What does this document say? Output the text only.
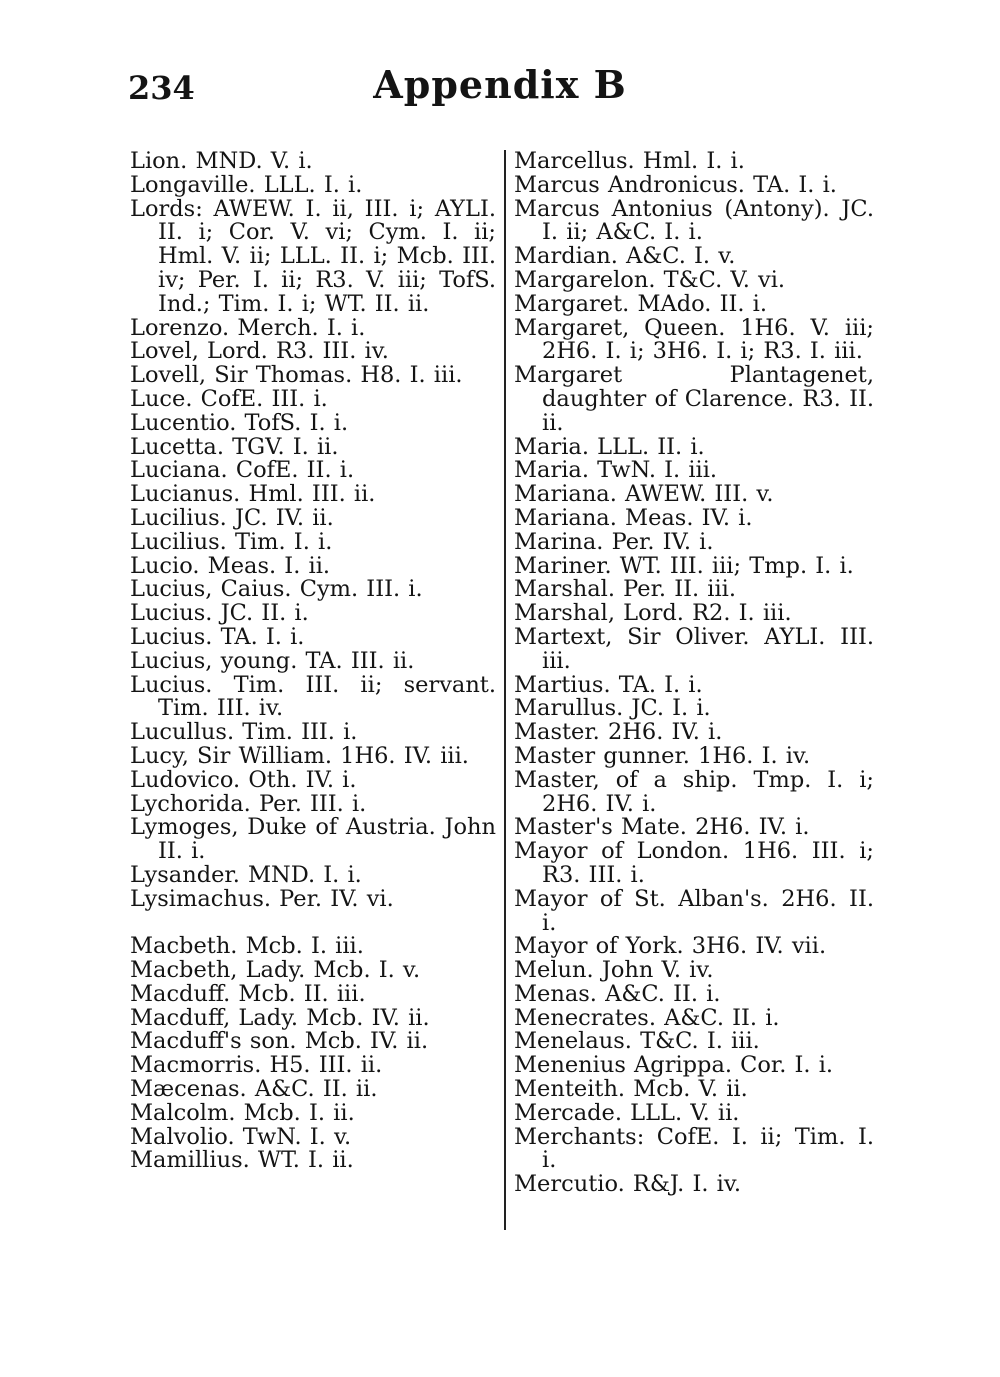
234	Appendix B
Lion. MND. V. i.
Longaville. LLL. I. i.
Lords: AWEW. I. ii, III. i; AYLI. II. i; Cor. V. vi; Cym. I. ii; Hml. V. ii; LLL. II. i; Mcb. III. iv; Per. I. ii; R3. V. iii; TofS. Ind.; Tim. I. i; WT. II. ii.
Lorenzo. Merch. I. i.
Lovel, Lord. R3. III. iv.
Lovell, Sir Thomas. H8. I. iii.
Luce. CofE. III. i.
Lucentio. TofS. I. i.
Lucetta. TGV. I. ii.
Luciana. CofE. II. i.
Lucianus. Hml. III. ii.
Lucilius. JC. IV. ii.
Lucilius. Tim. I. i.
Lucio. Meas. I. ii.
Lucius, Caius. Cym. III. i.
Lucius. JC. II. i.
Lucius. TA. I. i.
Lucius, young. TA. III. ii.
Lucius. Tim. III. ii; servant. Tim. III. iv.
Lucullus. Tim. III. i.
Lucy, Sir William. 1H6. IV. iii.
Ludovico. Oth. IV. i.
Lychorida. Per. III. i.
Lymoges, Duke of Austria. John II. i.
Lysander. MND. I. i.
Lysimachus. Per. IV. vi.
Macbeth. Mcb. I. iii.
Macbeth, Lady. Mcb. I. v.
Macduff. Mcb. II. iii.
Macduff, Lady. Mcb. IV. ii.
Macduff's son. Mcb. IV. ii.
Macmorris. H5. III. ii.
Mæcenas. A&C. II. ii.
Malcolm. Mcb. I. ii.
Malvolio. TwN. I. v.
Mamillius. WT. I. ii.
Marcellus. Hml. I. i.
Marcus Andronicus. TA. I. i.
Marcus Antonius (Antony). JC. I. ii; A&C. I. i.
Mardian. A&C. I. v.
Margarelon. T&C. V. vi.
Margaret. MAdo. II. i.
Margaret, Queen. 1H6. V. iii; 2H6. I. i; 3H6. I. i; R3. I. iii.
Margaret Plantagenet, daughter of Clarence. R3. II. ii.
Maria. LLL. II. i.
Maria. TwN. I. iii.
Mariana. AWEW. III. v.
Mariana. Meas. IV. i.
Marina. Per. IV. i.
Mariner. WT. III. iii; Tmp. I. i.
Marshal. Per. II. iii.
Marshal, Lord. R2. I. iii.
Martext, Sir Oliver. AYLI. III. iii.
Martius. TA. I. i.
Marullus. JC. I. i.
Master. 2H6. IV. i.
Master gunner. 1H6. I. iv.
Master, of a ship. Tmp. I. i; 2H6. IV. i.
Master's Mate. 2H6. IV. i.
Mayor of London. 1H6. III. i; R3. III. i.
Mayor of St. Alban's. 2H6. II. i.
Mayor of York. 3H6. IV. vii.
Melun. John V. iv.
Menas. A&C. II. i.
Menecrates. A&C. II. i.
Menelaus. T&C. I. iii.
Menenius Agrippa. Cor. I. i.
Menteith. Mcb. V. ii.
Mercade. LLL. V. ii.
Merchants: CofE. I. ii; Tim. I. i.
Mercutio. R&J. I. iv.
